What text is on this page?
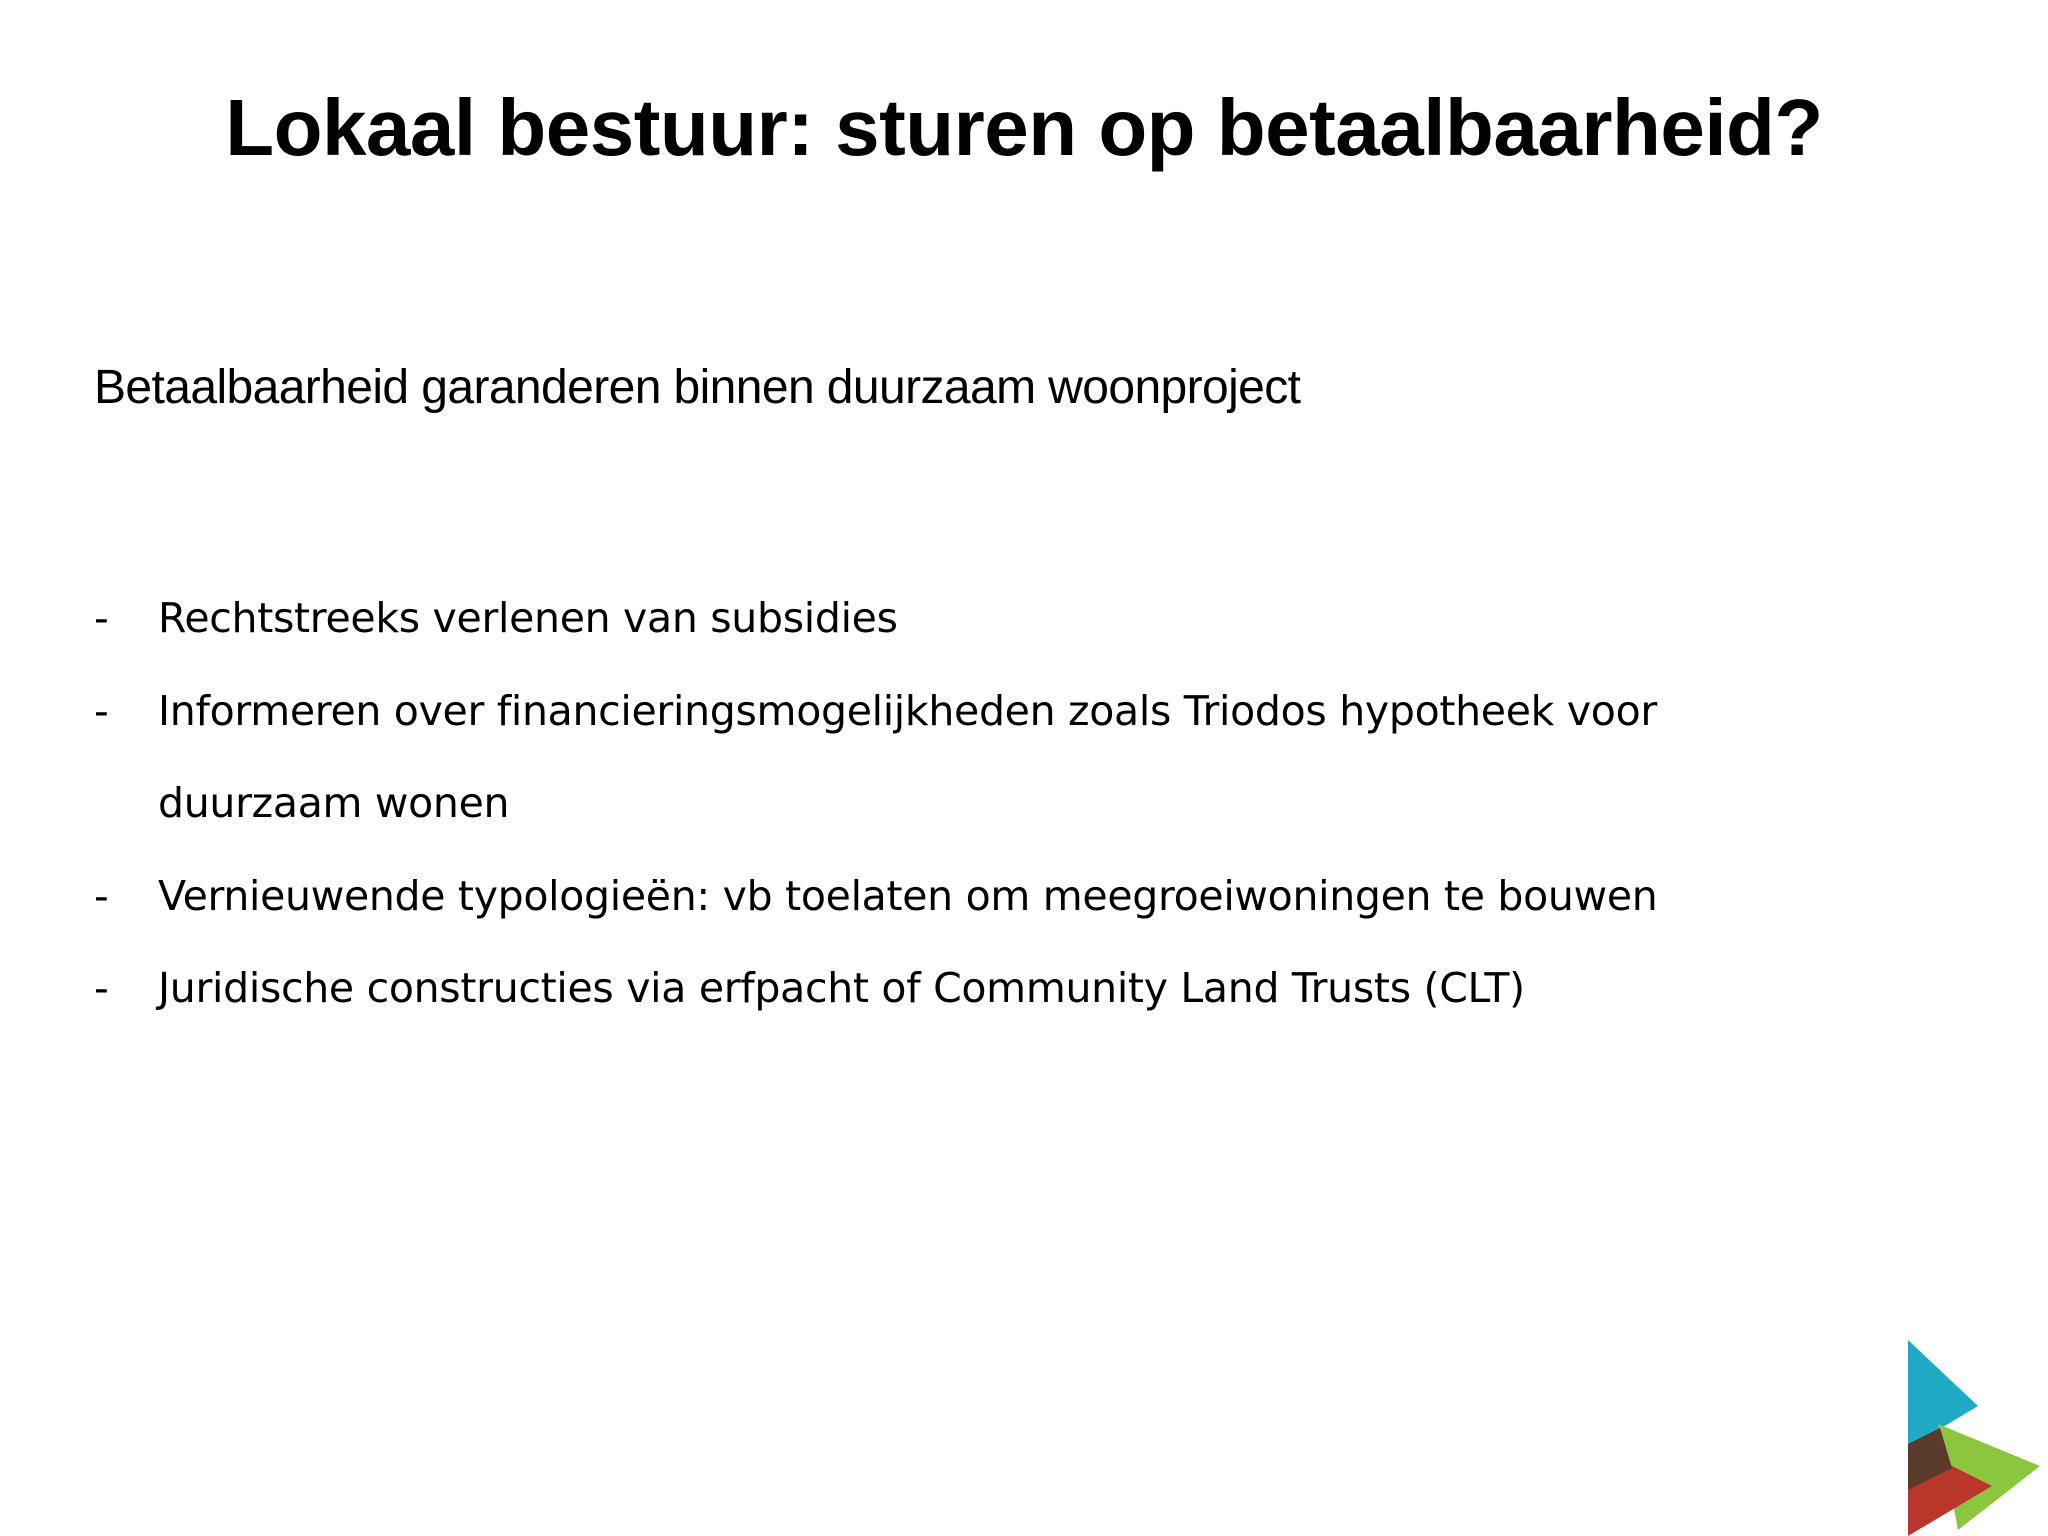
Lokaal bestuur: sturen op betaalbaarheid?
Betaalbaarheid garanderen binnen duurzaam woonproject
- Rechtstreeks verlenen van subsidies
- Informeren over financieringsmogelijkheden zoals Triodos hypotheek voor duurzaam wonen
- Vernieuwende typologieën: vb toelaten om meegroeiwoningen te bouwen
- Juridische constructies via erfpacht of Community Land Trusts (CLT)
